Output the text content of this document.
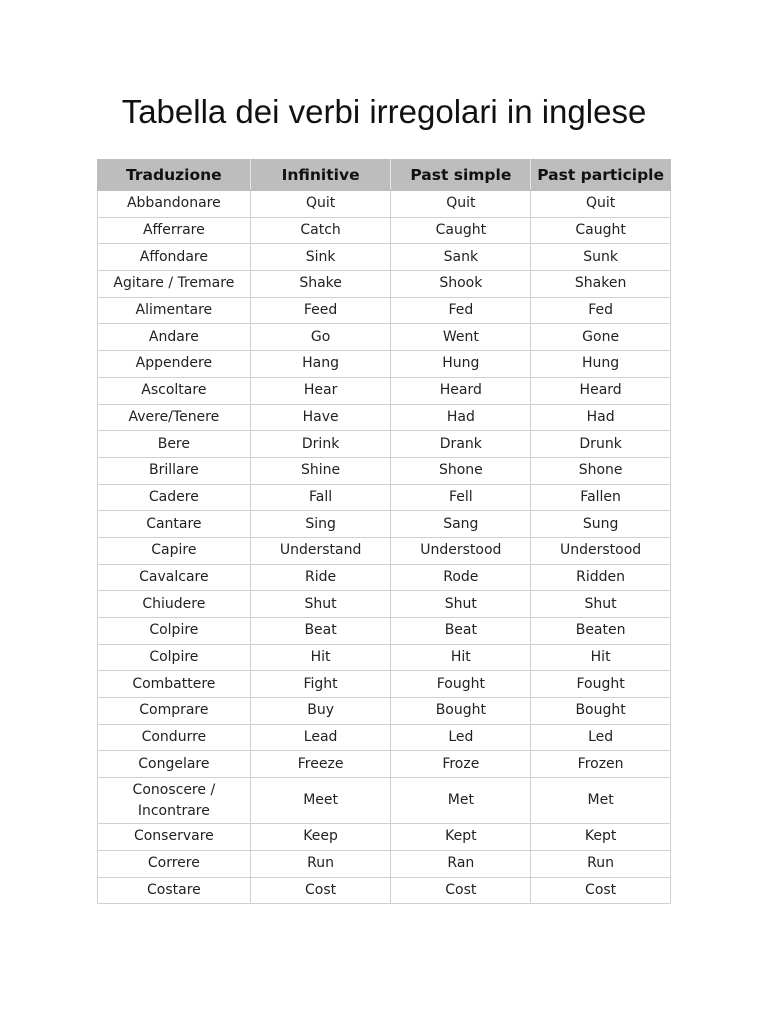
Tabella dei verbi irregolari in inglese
Traduzione	Infinitive	Past simple	Past participle
Abbandonare	Quit	Quit	Quit
Afferrare	Catch	Caught	Caught
Affondare	Sink	Sank	Sunk
Agitare / Tremare	Shake	Shook	Shaken
Alimentare	Feed	Fed	Fed
Andare	Go	Went	Gone
Appendere	Hang	Hung	Hung
Ascoltare	Hear	Heard	Heard
Avere/Tenere	Have	Had	Had
Bere	Drink	Drank	Drunk
Brillare	Shine	Shone	Shone
Cadere	Fall	Fell	Fallen
Cantare	Sing	Sang	Sung
Capire	Understand	Understood	Understood
Cavalcare	Ride	Rode	Ridden
Chiudere	Shut	Shut	Shut
Colpire	Beat	Beat	Beaten
Colpire	Hit	Hit	Hit
Combattere	Fight	Fought	Fought
Comprare	Buy	Bought	Bought
Condurre	Lead	Led	Led
Congelare	Freeze	Froze	Frozen
Conoscere / Incontrare	Meet	Met	Met
Conservare	Keep	Kept	Kept
Correre	Run	Ran	Run
Costare	Cost	Cost	Cost
